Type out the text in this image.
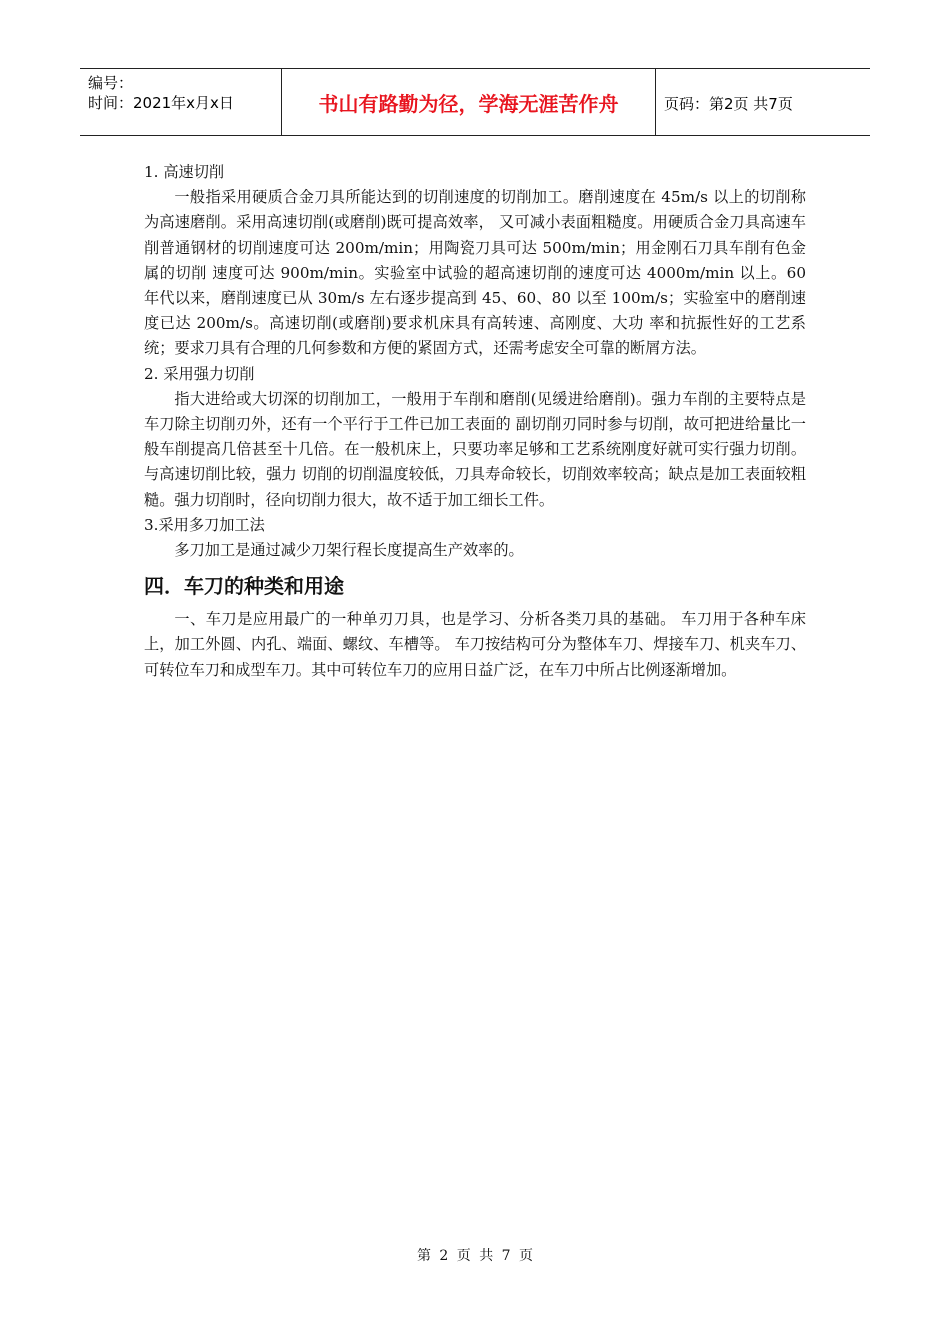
编号：
时间：2021年x月x日	书山有路勤为径，学海无涯苦作舟	页码：第2页 共7页

1. 高速切削

一般指采用硬质合金刀具所能达到的切削速度的切削加工。磨削速度在 45m/s 以上的切削称为高速磨削。采用高速切削(或磨削)既可提高效率， 又可减小表面粗糙度。用硬质合金刀具高速车削普通钢材的切削速度可达 200m/min；用陶瓷刀具可达 500m/min；用金刚石刀具车削有色金属的切削 速度可达 900m/min。实验室中试验的超高速切削的速度可达 4000m/min 以上。60 年代以来，磨削速度已从 30m/s 左右逐步提高到 45、60、80 以至 100m/s；实验室中的磨削速度已达 200m/s。高速切削(或磨削)要求机床具有高转速、高刚度、大功 率和抗振性好的工艺系统；要求刀具有合理的几何参数和方便的紧固方式，还需考虑安全可靠的断屑方法。

2. 采用强力切削

指大进给或大切深的切削加工，一般用于车削和磨削(见缓进给磨削)。强力车削的主要特点是车刀除主切削刃外，还有一个平行于工件已加工表面的 副切削刃同时参与切削，故可把进给量比一般车削提高几倍甚至十几倍。在一般机床上，只要功率足够和工艺系统刚度好就可实行强力切削。与高速切削比较，强力 切削的切削温度较低，刀具寿命较长，切削效率较高；缺点是加工表面较粗糙。强力切削时，径向切削力很大，故不适于加工细长工件。

3.采用多刀加工法

多刀加工是通过减少刀架行程长度提高生产效率的。

四．车刀的种类和用途

一、车刀是应用最广的一种单刃刀具，也是学习、分析各类刀具的基础。 车刀用于各种车床上，加工外圆、内孔、端面、螺纹、车槽等。 车刀按结构可分为整体车刀、焊接车刀、机夹车刀、可转位车刀和成型车刀。其中可转位车刀的应用日益广泛，在车刀中所占比例逐渐增加。

第 2 页 共 7 页
